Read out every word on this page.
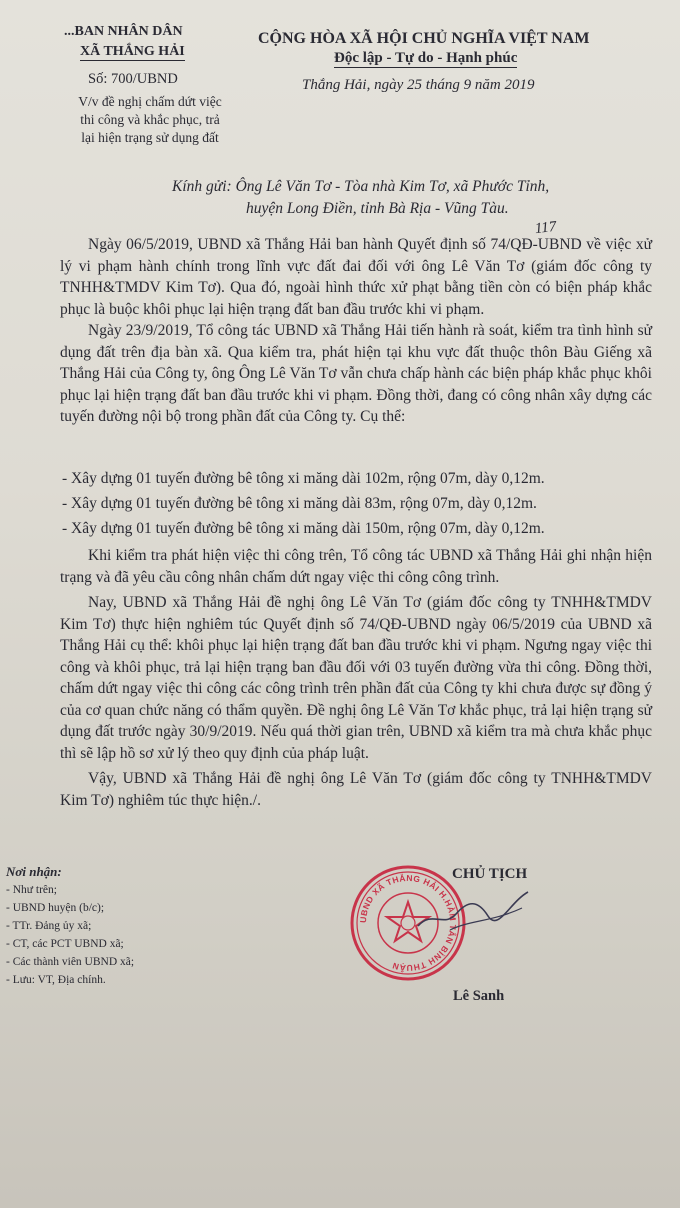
...BAN NHÂN DÂN
XÃ THẮNG HẢI
Số: 700/UBND
V/v đề nghị chấm dứt việc
thi công và khắc phục, trả
lại hiện trạng sử dụng đất
CỘNG HÒA XÃ HỘI CHỦ NGHĨA VIỆT NAM
Độc lập - Tự do - Hạnh phúc
Thắng Hải, ngày 25 tháng 9 năm 2019
117
Kính gửi: Ông Lê Văn Tơ - Tòa nhà Kim Tơ, xã Phước Tỉnh,
huyện Long Điền, tỉnh Bà Rịa - Vũng Tàu.

Ngày 06/5/2019, UBND xã Thắng Hải ban hành Quyết định số 74/QĐ-UBND về việc xử lý vi phạm hành chính trong lĩnh vực đất đai đối với ông Lê Văn Tơ (giám đốc công ty TNHH&TMDV Kim Tơ). Qua đó, ngoài hình thức xử phạt bằng tiền còn có biện pháp khắc phục là buộc khôi phục lại hiện trạng đất ban đầu trước khi vi phạm.

Ngày 23/9/2019, Tổ công tác UBND xã Thắng Hải tiến hành rà soát, kiểm tra tình hình sử dụng đất trên địa bàn xã. Qua kiểm tra, phát hiện tại khu vực đất thuộc thôn Bàu Giếng xã Thắng Hải của Công ty, ông Ông Lê Văn Tơ vẫn chưa chấp hành các biện pháp khắc phục khôi phục lại hiện trạng đất ban đầu trước khi vi phạm. Đồng thời, đang có công nhân xây dựng các tuyến đường nội bộ trong phần đất của Công ty. Cụ thể:

- Xây dựng 01 tuyến đường bê tông xi măng dài 102m, rộng 07m, dày 0,12m.
- Xây dựng 01 tuyến đường bê tông xi măng dài 83m, rộng 07m, dày 0,12m.
- Xây dựng 01 tuyến đường bê tông xi măng dài 150m, rộng 07m, dày 0,12m.

Khi kiểm tra phát hiện việc thi công trên, Tổ công tác UBND xã Thắng Hải ghi nhận hiện trạng và đã yêu cầu công nhân chấm dứt ngay việc thi công công trình.

Nay, UBND xã Thắng Hải đề nghị ông Lê Văn Tơ (giám đốc công ty TNHH&TMDV Kim Tơ) thực hiện nghiêm túc Quyết định số 74/QĐ-UBND ngày 06/5/2019 của UBND xã Thắng Hải cụ thể: khôi phục lại hiện trạng đất ban đầu trước khi vi phạm. Ngưng ngay việc thi công và khôi phục, trả lại hiện trạng ban đầu đối với 03 tuyến đường vừa thi công. Đồng thời, chấm dứt ngay việc thi công các công trình trên phần đất của Công ty khi chưa được sự đồng ý của cơ quan chức năng có thẩm quyền. Đề nghị ông Lê Văn Tơ khắc phục, trả lại hiện trạng sử dụng đất trước ngày 30/9/2019. Nếu quá thời gian trên, UBND xã kiểm tra mà chưa khắc phục thì sẽ lập hồ sơ xử lý theo quy định của pháp luật.

Vậy, UBND xã Thắng Hải đề nghị ông Lê Văn Tơ (giám đốc công ty TNHH&TMDV Kim Tơ) nghiêm túc thực hiện./.

Nơi nhận:
- Như trên;
- UBND huyện (b/c);
- TTr. Đảng ủy xã;
- CT, các PCT UBND xã;
- Các thành viên UBND xã;
- Lưu: VT, Địa chính.
CHỦ TỊCH
UBND XÃ THẮNG HẢI H.HÀM TÂN BÌNH THUẬN
Lê Sanh
